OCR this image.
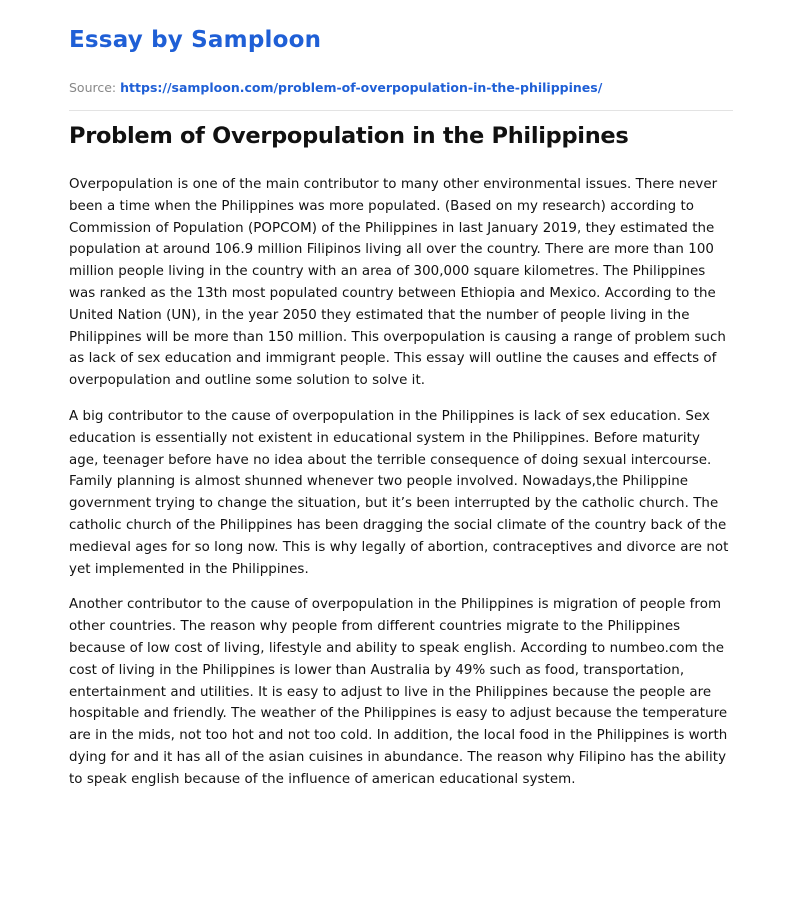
Essay by Samploon
Source: https://samploon.com/problem-of-overpopulation-in-the-philippines/
Problem of Overpopulation in the Philippines

Overpopulation is one of the main contributor to many other environmental issues. There never been a time when the Philippines was more populated. (Based on my research) according to Commission of Population (POPCOM) of the Philippines in last January 2019, they estimated the population at around 106.9 million Filipinos living all over the country. There are more than 100 million people living in the country with an area of 300,000 square kilometres. The Philippines was ranked as the 13th most populated country between Ethiopia and Mexico. According to the United Nation (UN), in the year 2050 they estimated that the number of people living in the Philippines will be more than 150 million. This overpopulation is causing a range of problem such as lack of sex education and immigrant people. This essay will outline the causes and effects of overpopulation and outline some solution to solve it.

A big contributor to the cause of overpopulation in the Philippines is lack of sex education. Sex education is essentially not existent in educational system in the Philippines. Before maturity age, teenager before have no idea about the terrible consequence of doing sexual intercourse. Family planning is almost shunned whenever two people involved. Nowadays,the Philippine government trying to change the situation, but it’s been interrupted by the catholic church. The catholic church of the Philippines has been dragging the social climate of the country back of the medieval ages for so long now. This is why legally of abortion, contraceptives and divorce are not yet implemented in the Philippines.

Another contributor to the cause of overpopulation in the Philippines is migration of people from other countries. The reason why people from different countries migrate to the Philippines because of low cost of living, lifestyle and ability to speak english. According to numbeo.com the cost of living in the Philippines is lower than Australia by 49% such as food, transportation, entertainment and utilities. It is easy to adjust to live in the Philippines because the people are hospitable and friendly. The weather of the Philippines is easy to adjust because the temperature are in the mids, not too hot and not too cold. In addition, the local food in the Philippines is worth dying for and it has all of the asian cuisines in abundance. The reason why Filipino has the ability to speak english because of the influence of american educational system.
